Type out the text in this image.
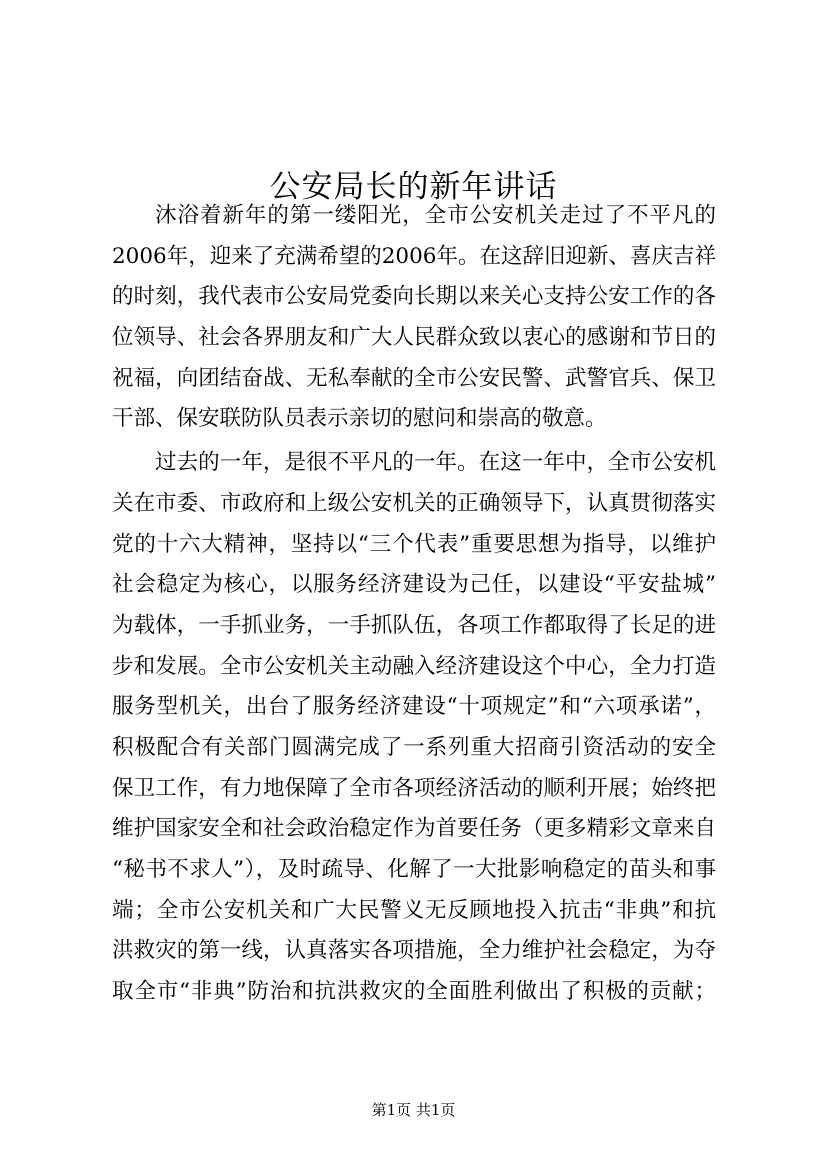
公安局长的新年讲话
沐浴着新年的第一缕阳光，全市公安机关走过了不平凡的
2006年，迎来了充满希望的2006年。在这辞旧迎新、喜庆吉祥
的时刻，我代表市公安局党委向长期以来关心支持公安工作的各
位领导、社会各界朋友和广大人民群众致以衷心的感谢和节日的
祝福，向团结奋战、无私奉献的全市公安民警、武警官兵、保卫
干部、保安联防队员表示亲切的慰问和崇高的敬意。
过去的一年，是很不平凡的一年。在这一年中，全市公安机
关在市委、市政府和上级公安机关的正确领导下，认真贯彻落实
党的十六大精神，坚持以“三个代表”重要思想为指导，以维护
社会稳定为核心，以服务经济建设为己任，以建设“平安盐城”
为载体，一手抓业务，一手抓队伍，各项工作都取得了长足的进
步和发展。全市公安机关主动融入经济建设这个中心，全力打造
服务型机关，出台了服务经济建设“十项规定”和“六项承诺”，
积极配合有关部门圆满完成了一系列重大招商引资活动的安全
保卫工作，有力地保障了全市各项经济活动的顺利开展；始终把
维护国家安全和社会政治稳定作为首要任务（更多精彩文章来自
“秘书不求人”），及时疏导、化解了一大批影响稳定的苗头和事
端；全市公安机关和广大民警义无反顾地投入抗击“非典”和抗
洪救灾的第一线，认真落实各项措施，全力维护社会稳定，为夺
取全市“非典”防治和抗洪救灾的全面胜利做出了积极的贡献；
第1页 共1页
